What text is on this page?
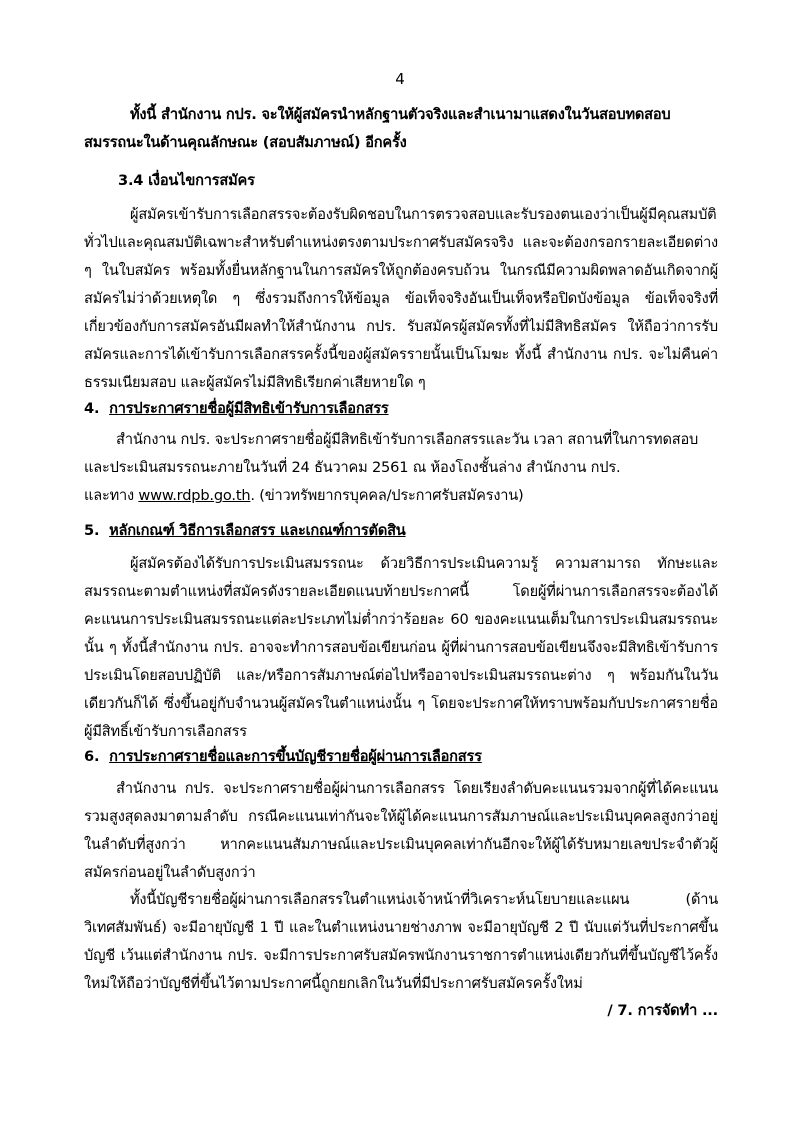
4
ทั้งนี้ สำนักงาน กปร. จะให้ผู้สมัครนำหลักฐานตัวจริงและสำเนามาแสดงในวันสอบทดสอบ
สมรรถนะในด้านคุณลักษณะ (สอบสัมภาษณ์) อีกครั้ง
3.4 เงื่อนไขการสมัคร
ผู้สมัครเข้ารับการเลือกสรรจะต้องรับผิดชอบในการตรวจสอบและรับรองตนเองว่าเป็นผู้มีคุณสมบัติทั่วไปและคุณสมบัติเฉพาะสำหรับตำแหน่งตรงตามประกาศรับสมัครจริง และจะต้องกรอกรายละเอียดต่าง ๆ ในใบสมัคร พร้อมทั้งยื่นหลักฐานในการสมัครให้ถูกต้องครบถ้วน ในกรณีมีความผิดพลาดอันเกิดจากผู้สมัครไม่ว่าด้วยเหตุใด ๆ ซึ่งรวมถึงการให้ข้อมูล ข้อเท็จจริงอันเป็นเท็จหรือปิดบังข้อมูล ข้อเท็จจริงที่เกี่ยวข้องกับการสมัครอันมีผลทำให้สำนักงาน กปร. รับสมัครผู้สมัครทั้งที่ไม่มีสิทธิสมัคร ให้ถือว่าการรับสมัครและการได้เข้ารับการเลือกสรรครั้งนี้ของผู้สมัครรายนั้นเป็นโมฆะ ทั้งนี้ สำนักงาน กปร. จะไม่คืนค่าธรรมเนียมสอบ และผู้สมัครไม่มีสิทธิเรียกค่าเสียหายใด ๆ
4. การประกาศรายชื่อผู้มีสิทธิเข้ารับการเลือกสรร
สำนักงาน กปร. จะประกาศรายชื่อผู้มีสิทธิเข้ารับการเลือกสรรและวัน เวลา สถานที่ในการทดสอบ
และประเมินสมรรถนะภายในวันที่ 24 ธันวาคม 2561 ณ ห้องโถงชั้นล่าง สำนักงาน กปร.
และทาง www.rdpb.go.th. (ข่าวทรัพยากรบุคคล/ประกาศรับสมัครงาน)
5. หลักเกณฑ์ วิธีการเลือกสรร และเกณฑ์การตัดสิน
ผู้สมัครต้องได้รับการประเมินสมรรถนะ ด้วยวิธีการประเมินความรู้ ความสามารถ ทักษะและสมรรถนะตามตำแหน่งที่สมัครดังรายละเอียดแนบท้ายประกาศนี้ โดยผู้ที่ผ่านการเลือกสรรจะต้องได้คะแนนการประเมินสมรรถนะแต่ละประเภทไม่ต่ำกว่าร้อยละ 60 ของคะแนนเต็มในการประเมินสมรรถนะนั้น ๆ ทั้งนี้สำนักงาน กปร. อาจจะทำการสอบข้อเขียนก่อน ผู้ที่ผ่านการสอบข้อเขียนจึงจะมีสิทธิเข้ารับการประเมินโดยสอบปฏิบัติ และ/หรือการสัมภาษณ์ต่อไปหรืออาจประเมินสมรรถนะต่าง ๆ พร้อมกันในวันเดียวกันก็ได้ ซึ่งขึ้นอยู่กับจำนวนผู้สมัครในตำแหน่งนั้น ๆ โดยจะประกาศให้ทราบพร้อมกับประกาศรายชื่อผู้มีสิทธิ์เข้ารับการเลือกสรร
6. การประกาศรายชื่อและการขึ้นบัญชีรายชื่อผู้ผ่านการเลือกสรร
สำนักงาน กปร. จะประกาศรายชื่อผู้ผ่านการเลือกสรร โดยเรียงลำดับคะแนนรวมจากผู้ที่ได้คะแนนรวมสูงสุดลงมาตามลำดับ กรณีคะแนนเท่ากันจะให้ผู้ได้คะแนนการสัมภาษณ์และประเมินบุคคลสูงกว่าอยู่ในลำดับที่สูงกว่า หากคะแนนสัมภาษณ์และประเมินบุคคลเท่ากันอีกจะให้ผู้ได้รับหมายเลขประจำตัวผู้สมัครก่อนอยู่ในลำดับสูงกว่า
ทั้งนี้บัญชีรายชื่อผู้ผ่านการเลือกสรรในตำแหน่งเจ้าหน้าที่วิเคราะห์นโยบายและแผน (ด้านวิเทศสัมพันธ์) จะมีอายุบัญชี 1 ปี และในตำแหน่งนายช่างภาพ จะมีอายุบัญชี 2 ปี นับแต่วันที่ประกาศขึ้นบัญชี เว้นแต่สำนักงาน กปร. จะมีการประกาศรับสมัครพนักงานราชการตำแหน่งเดียวกันที่ขึ้นบัญชีไว้ครั้งใหม่ให้ถือว่าบัญชีที่ขึ้นไว้ตามประกาศนี้ถูกยกเลิกในวันที่มีประกาศรับสมัครครั้งใหม่
/ 7. การจัดทำ ...
